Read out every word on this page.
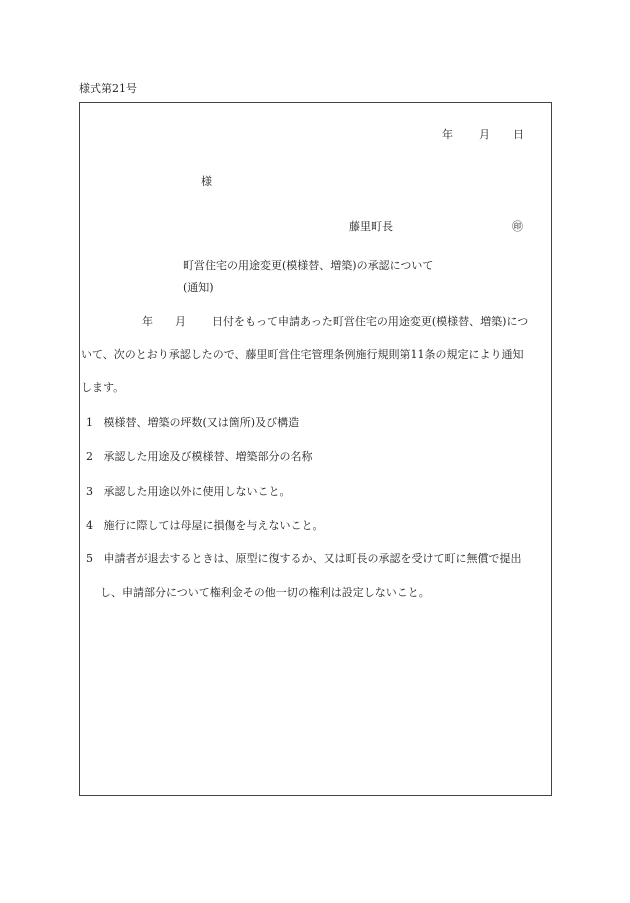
様式第21号
年 月 日
様
藤里町長	㊞
町営住宅の用途変更(模様替、増築)の承認について
(通知)
年 月 日付をもって申請あった町営住宅の用途変更(模様替、増築)につ
いて、次のとおり承認したので、藤里町営住宅管理条例施行規則第11条の規定により通知
します。
1 模様替、増築の坪数(又は箇所)及び構造
2 承認した用途及び模様替、増築部分の名称
3 承認した用途以外に使用しないこと。
4 施行に際しては母屋に損傷を与えないこと。
5 申請者が退去するときは、原型に復するか、又は町長の承認を受けて町に無償で提出
し、申請部分について権利金その他一切の権利は設定しないこと。
